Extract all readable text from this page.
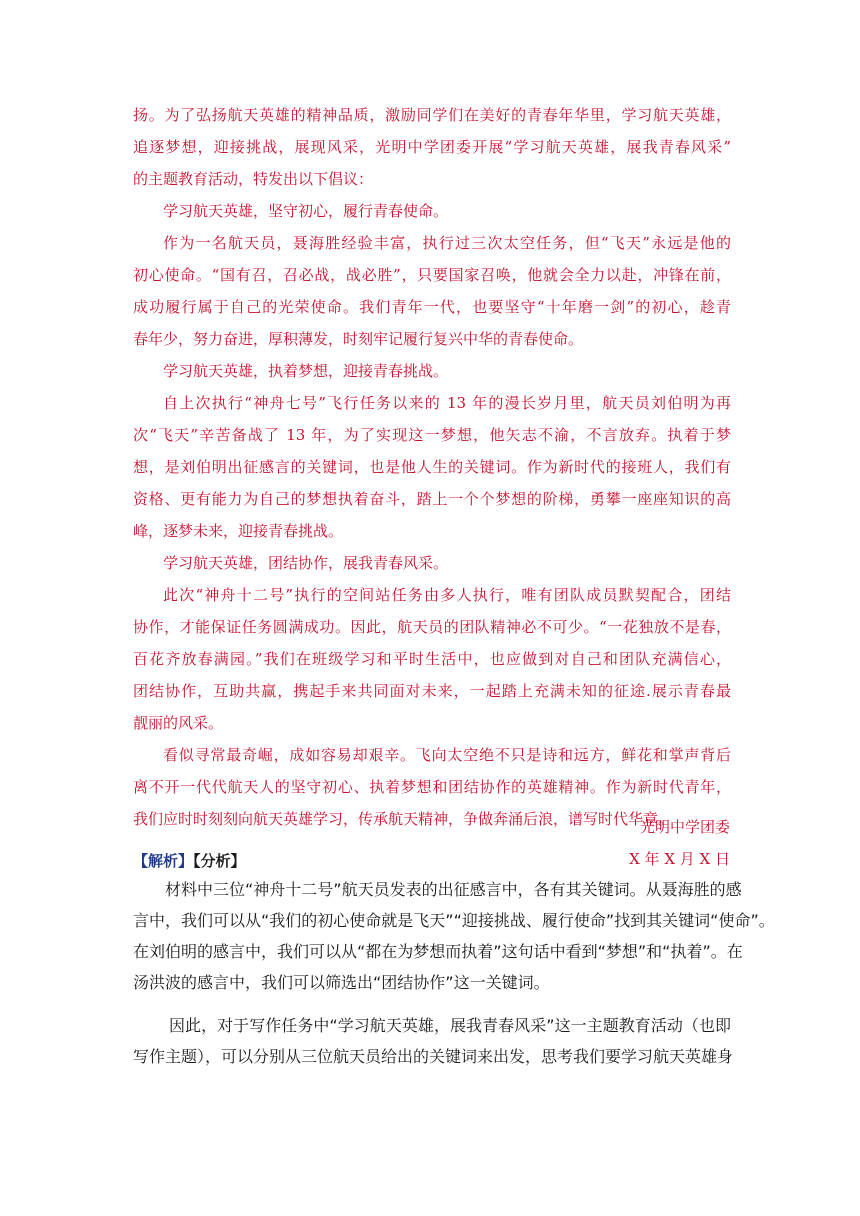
扬。为了弘扬航天英雄的精神品质，激励同学们在美好的青春年华里，学习航天英雄，

追逐梦想，迎接挑战，展现风采，光明中学团委开展“学习航天英雄，展我青春风采”

的主题教育活动，特发出以下倡议：

学习航天英雄，坚守初心，履行青春使命。

作为一名航天员，聂海胜经验丰富，执行过三次太空任务，但“飞天”永远是他的

初心使命。“国有召，召必战，战必胜”，只要国家召唤，他就会全力以赴，冲锋在前，

成功履行属于自己的光荣使命。我们青年一代，也要坚守“十年磨一剑”的初心，趁青

春年少，努力奋进，厚积薄发，时刻牢记履行复兴中华的青春使命。

学习航天英雄，执着梦想，迎接青春挑战。

自上次执行“神舟七号”飞行任务以来的 13 年的漫长岁月里，航天员刘伯明为再

次“飞天”辛苦备战了 13 年，为了实现这一梦想，他矢志不渝，不言放弃。执着于梦

想，是刘伯明出征感言的关键词，也是他人生的关键词。作为新时代的接班人，我们有

资格、更有能力为自己的梦想执着奋斗，踏上一个个梦想的阶梯，勇攀一座座知识的高

峰，逐梦未来，迎接青春挑战。

学习航天英雄，团结协作，展我青春风采。

此次“神舟十二号”执行的空间站任务由多人执行，唯有团队成员默契配合，团结

协作，才能保证任务圆满成功。因此，航天员的团队精神必不可少。“一花独放不是春，

百花齐放春满园。”我们在班级学习和平时生活中，也应做到对自己和团队充满信心，

团结协作，互助共赢，携起手来共同面对未来，一起踏上充满未知的征途.展示青春最

靓丽的风采。

看似寻常最奇崛，成如容易却艰辛。飞向太空绝不只是诗和远方，鲜花和掌声背后

离不开一代代航天人的坚守初心、执着梦想和团结协作的英雄精神。作为新时代青年，

我们应时时刻刻向航天英雄学习，传承航天精神，争做奔涌后浪，谱写时代华章。

光明中学团委
X 年 X 月 X 日
【解析】【分析】

材料中三位“神舟十二号”航天员发表的出征感言中，各有其关键词。从聂海胜的感

言中，我们可以从“我们的初心使命就是飞天”“迎接挑战、履行使命”找到其关键词“使命”。

在刘伯明的感言中，我们可以从“都在为梦想而执着”这句话中看到“梦想”和“执着”。在

汤洪波的感言中，我们可以筛选出“团结协作”这一关键词。

因此，对于写作任务中“学习航天英雄，展我青春风采”这一主题教育活动（也即

写作主题），可以分别从三位航天员给出的关键词来出发，思考我们要学习航天英雄身
